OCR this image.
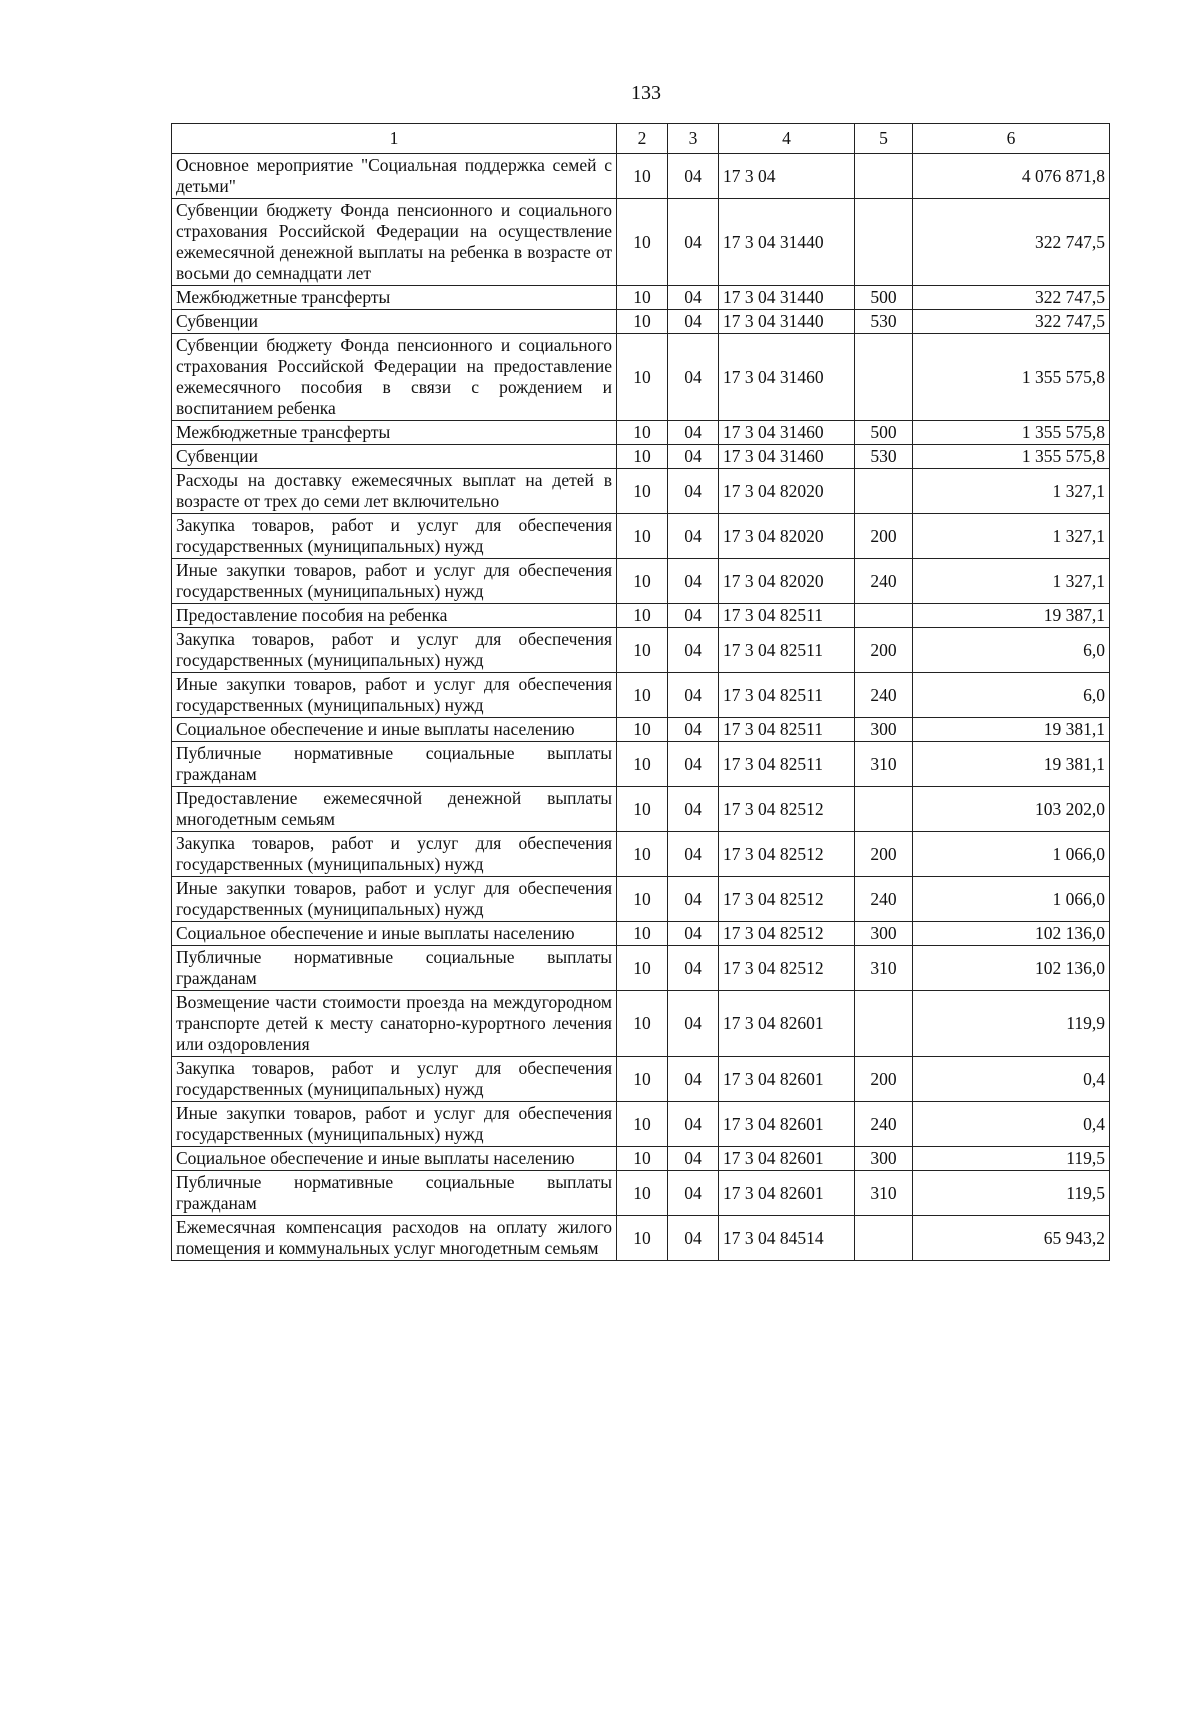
133
1	2	3	4	5	6
Основное мероприятие "Социальная поддержка семей с детьми"	10	04	17 3 04		4 076 871,8
Субвенции бюджету Фонда пенсионного и социального страхования Российской Федерации на осуществление ежемесячной денежной выплаты на ребенка в возрасте от восьми до семнадцати лет	10	04	17 3 04 31440		322 747,5
Межбюджетные трансферты	10	04	17 3 04 31440	500	322 747,5
Субвенции	10	04	17 3 04 31440	530	322 747,5
Субвенции бюджету Фонда пенсионного и социального страхования Российской Федерации на предоставление ежемесячного пособия в связи с рождением и воспитанием ребенка	10	04	17 3 04 31460		1 355 575,8
Межбюджетные трансферты	10	04	17 3 04 31460	500	1 355 575,8
Субвенции	10	04	17 3 04 31460	530	1 355 575,8
Расходы на доставку ежемесячных выплат на детей в возрасте от трех до семи лет включительно	10	04	17 3 04 82020		1 327,1
Закупка товаров, работ и услуг для обеспечения государственных (муниципальных) нужд	10	04	17 3 04 82020	200	1 327,1
Иные закупки товаров, работ и услуг для обеспечения государственных (муниципальных) нужд	10	04	17 3 04 82020	240	1 327,1
Предоставление пособия на ребенка	10	04	17 3 04 82511		19 387,1
Закупка товаров, работ и услуг для обеспечения государственных (муниципальных) нужд	10	04	17 3 04 82511	200	6,0
Иные закупки товаров, работ и услуг для обеспечения государственных (муниципальных) нужд	10	04	17 3 04 82511	240	6,0
Социальное обеспечение и иные выплаты населению	10	04	17 3 04 82511	300	19 381,1
Публичные нормативные социальные выплаты гражданам	10	04	17 3 04 82511	310	19 381,1
Предоставление ежемесячной денежной выплаты многодетным семьям	10	04	17 3 04 82512		103 202,0
Закупка товаров, работ и услуг для обеспечения государственных (муниципальных) нужд	10	04	17 3 04 82512	200	1 066,0
Иные закупки товаров, работ и услуг для обеспечения государственных (муниципальных) нужд	10	04	17 3 04 82512	240	1 066,0
Социальное обеспечение и иные выплаты населению	10	04	17 3 04 82512	300	102 136,0
Публичные нормативные социальные выплаты гражданам	10	04	17 3 04 82512	310	102 136,0
Возмещение части стоимости проезда на междугородном транспорте детей к месту санаторно-курортного лечения или оздоровления	10	04	17 3 04 82601		119,9
Закупка товаров, работ и услуг для обеспечения государственных (муниципальных) нужд	10	04	17 3 04 82601	200	0,4
Иные закупки товаров, работ и услуг для обеспечения государственных (муниципальных) нужд	10	04	17 3 04 82601	240	0,4
Социальное обеспечение и иные выплаты населению	10	04	17 3 04 82601	300	119,5
Публичные нормативные социальные выплаты гражданам	10	04	17 3 04 82601	310	119,5
Ежемесячная компенсация расходов на оплату жилого помещения и коммунальных услуг многодетным семьям	10	04	17 3 04 84514		65 943,2
